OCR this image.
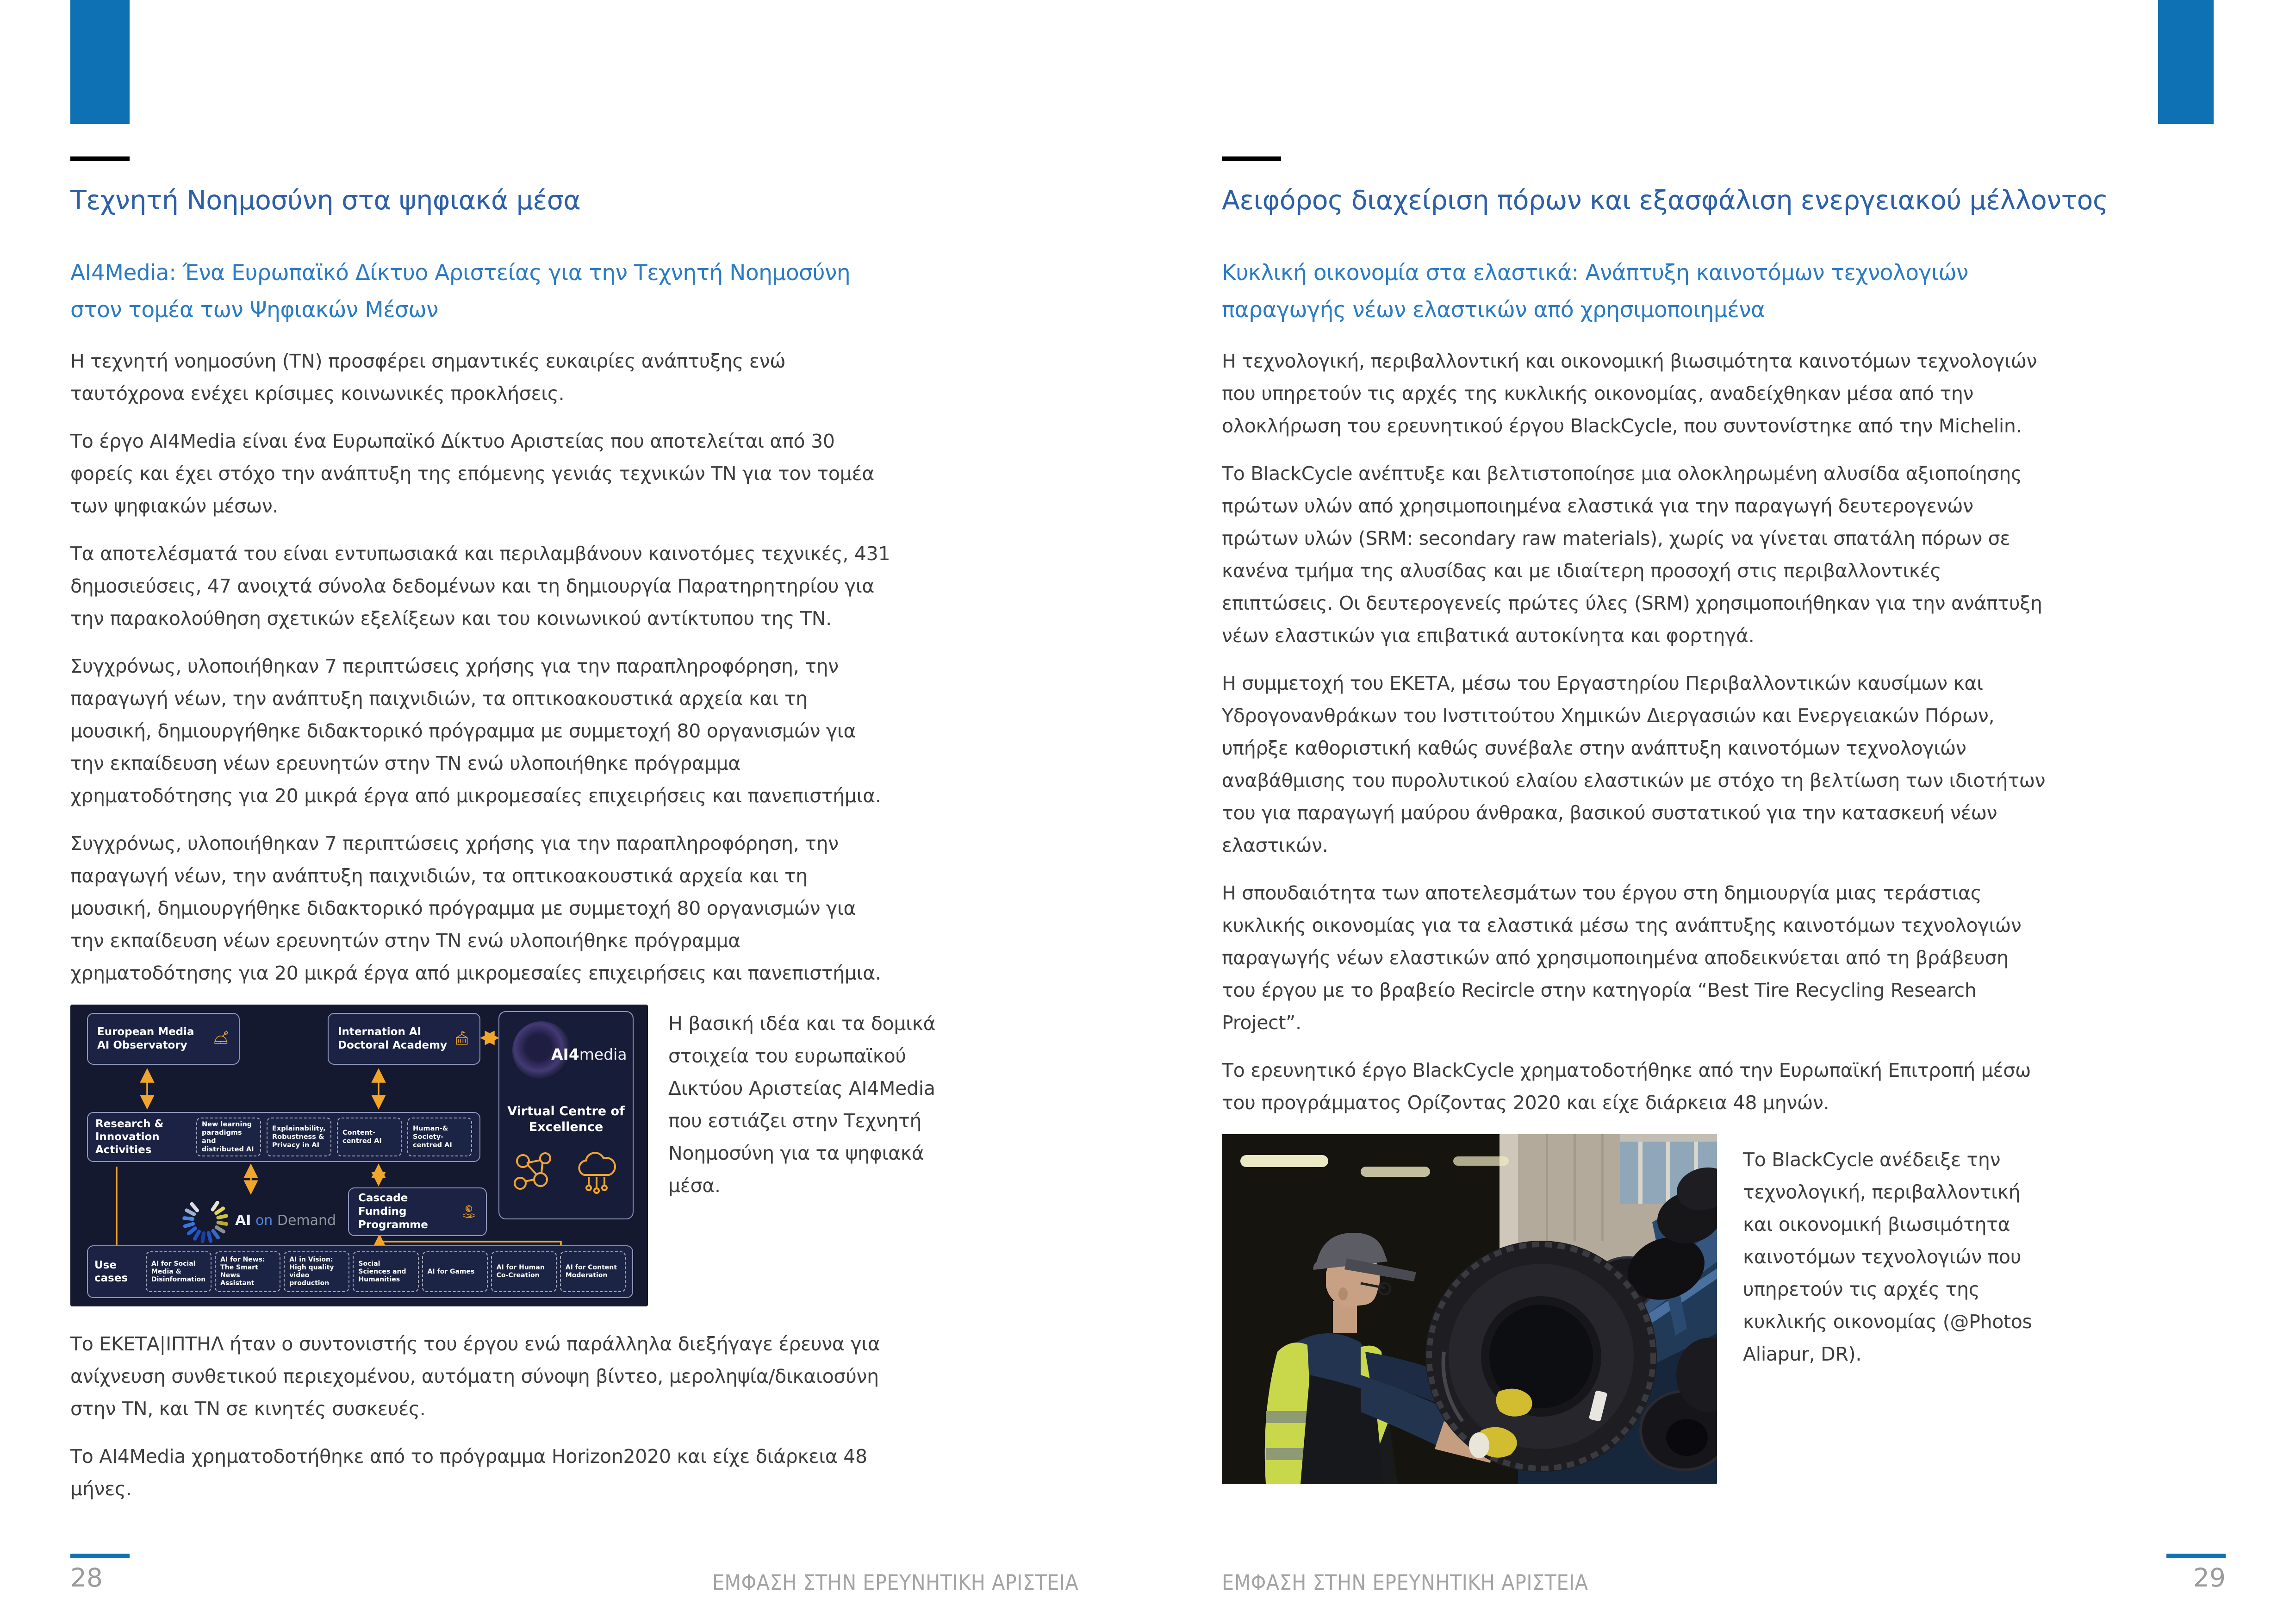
Τεχνητή Νοημοσύνη στα ψηφιακά μέσα
AI4Media: Ένα Ευρωπαϊκό Δίκτυο Αριστείας για την Τεχνητή Νοημοσύνη στον τομέα των Ψηφιακών Μέσων

Η τεχνητή νοημοσύνη (ΤΝ) προσφέρει σημαντικές ευκαιρίες ανάπτυξης ενώ ταυτόχρονα ενέχει κρίσιμες κοινωνικές προκλήσεις.

Το έργο AI4Media είναι ένα Ευρωπαϊκό Δίκτυο Αριστείας που αποτελείται από 30 φορείς και έχει στόχο την ανάπτυξη της επόμενης γενιάς τεχνικών ΤΝ για τον τομέα των ψηφιακών μέσων.

Τα αποτελέσματά του είναι εντυπωσιακά και περιλαμβάνουν καινοτόμες τεχνικές, 431 δημοσιεύσεις, 47 ανοιχτά σύνολα δεδομένων και τη δημιουργία Παρατηρητηρίου για την παρακολούθηση σχετικών εξελίξεων και του κοινωνικού αντίκτυπου της ΤΝ.

Συγχρόνως, υλοποιήθηκαν 7 περιπτώσεις χρήσης για την παραπληροφόρηση, την παραγωγή νέων, την ανάπτυξη παιχνιδιών, τα οπτικοακουστικά αρχεία και τη μουσική, δημιουργήθηκε διδακτορικό πρόγραμμα με συμμετοχή 80 οργανισμών για την εκπαίδευση νέων ερευνητών στην ΤΝ ενώ υλοποιήθηκε πρόγραμμα χρηματοδότησης για 20 μικρά έργα από μικρομεσαίες επιχειρήσεις και πανεπιστήμια.

Συγχρόνως, υλοποιήθηκαν 7 περιπτώσεις χρήσης για την παραπληροφόρηση, την παραγωγή νέων, την ανάπτυξη παιχνιδιών, τα οπτικοακουστικά αρχεία και τη μουσική, δημιουργήθηκε διδακτορικό πρόγραμμα με συμμετοχή 80 οργανισμών για την εκπαίδευση νέων ερευνητών στην ΤΝ ενώ υλοποιήθηκε πρόγραμμα χρηματοδότησης για 20 μικρά έργα από μικρομεσαίες επιχειρήσεις και πανεπιστήμια.

European Media AI Observatory
Internation AI Doctoral Academy
Research & Innovation Activities
New learning paradigms and distributed AI
Explainability, Robustness & Privacy in AI
Content-centred AI
Human-& Society-centred AI
AI on Demand
Cascade Funding Programme
AI4media
Virtual Centre of Excellence
Use cases
AI for Social Media & Disinformation
AI for News: The Smart News Assistant
AI in Vision: High quality video production
Social Sciences and Humanities
AI for Games
AI for Human Co-Creation
AI for Content Moderation

Η βασική ιδέα και τα δομικά στοιχεία του ευρωπαϊκού Δικτύου Αριστείας AI4Media που εστιάζει στην Τεχνητή Νοημοσύνη για τα ψηφιακά μέσα.

Το ΕΚΕΤΑ|ΙΠΤΗΛ ήταν ο συντονιστής του έργου ενώ παράλληλα διεξήγαγε έρευνα για ανίχνευση συνθετικού περιεχομένου, αυτόματη σύνοψη βίντεο, μεροληψία/δικαιοσύνη στην ΤΝ, και ΤΝ σε κινητές συσκευές.

Το AI4Media χρηματοδοτήθηκε από το πρόγραμμα Horizon2020 και είχε διάρκεια 48 μήνες.

28	ΕΜΦΑΣΗ ΣΤΗΝ ΕΡΕΥΝΗΤΙΚΗ ΑΡΙΣΤΕΙΑ
Αειφόρος διαχείριση πόρων και εξασφάλιση ενεργειακού μέλλοντος
Κυκλική οικονομία στα ελαστικά: Ανάπτυξη καινοτόμων τεχνολογιών παραγωγής νέων ελαστικών από χρησιμοποιημένα

Η τεχνολογική, περιβαλλοντική και οικονομική βιωσιμότητα καινοτόμων τεχνολογιών που υπηρετούν τις αρχές της κυκλικής οικονομίας, αναδείχθηκαν μέσα από την ολοκλήρωση του ερευνητικού έργου BlackCycle, που συντονίστηκε από την Michelin.

Το BlackCycle ανέπτυξε και βελτιστοποίησε μια ολοκληρωμένη αλυσίδα αξιοποίησης πρώτων υλών από χρησιμοποιημένα ελαστικά για την παραγωγή δευτερογενών πρώτων υλών (SRM: secondary raw materials), χωρίς να γίνεται σπατάλη πόρων σε κανένα τμήμα της αλυσίδας και με ιδιαίτερη προσοχή στις περιβαλλοντικές επιπτώσεις. Οι δευτερογενείς πρώτες ύλες (SRM) χρησιμοποιήθηκαν για την ανάπτυξη νέων ελαστικών για επιβατικά αυτοκίνητα και φορτηγά.

Η συμμετοχή του ΕΚΕΤΑ, μέσω του Εργαστηρίου Περιβαλλοντικών καυσίμων και Υδρογονανθράκων του Ινστιτούτου Χημικών Διεργασιών και Ενεργειακών Πόρων, υπήρξε καθοριστική καθώς συνέβαλε στην ανάπτυξη καινοτόμων τεχνολογιών αναβάθμισης του πυρολυτικού ελαίου ελαστικών με στόχο τη βελτίωση των ιδιοτήτων του για παραγωγή μαύρου άνθρακα, βασικού συστατικού για την κατασκευή νέων ελαστικών.

Η σπουδαιότητα των αποτελεσμάτων του έργου στη δημιουργία μιας τεράστιας κυκλικής οικονομίας για τα ελαστικά μέσω της ανάπτυξης καινοτόμων τεχνολογιών παραγωγής νέων ελαστικών από χρησιμοποιημένα αποδεικνύεται από τη βράβευση του έργου με το βραβείο Recircle στην κατηγορία “Best Tire Recycling Research Project”.

Το ερευνητικό έργο BlackCycle χρηματοδοτήθηκε από την Ευρωπαϊκή Επιτροπή μέσω του προγράμματος Ορίζοντας 2020 και είχε διάρκεια 48 μηνών.

Το BlackCycle ανέδειξε την τεχνολογική, περιβαλλοντική και οικονομική βιωσιμότητα καινοτόμων τεχνολογιών που υπηρετούν τις αρχές της κυκλικής οικονομίας (@Photos Aliapur, DR).

29
ΕΜΦΑΣΗ ΣΤΗΝ ΕΡΕΥΝΗΤΙΚΗ ΑΡΙΣΤΕΙΑ
